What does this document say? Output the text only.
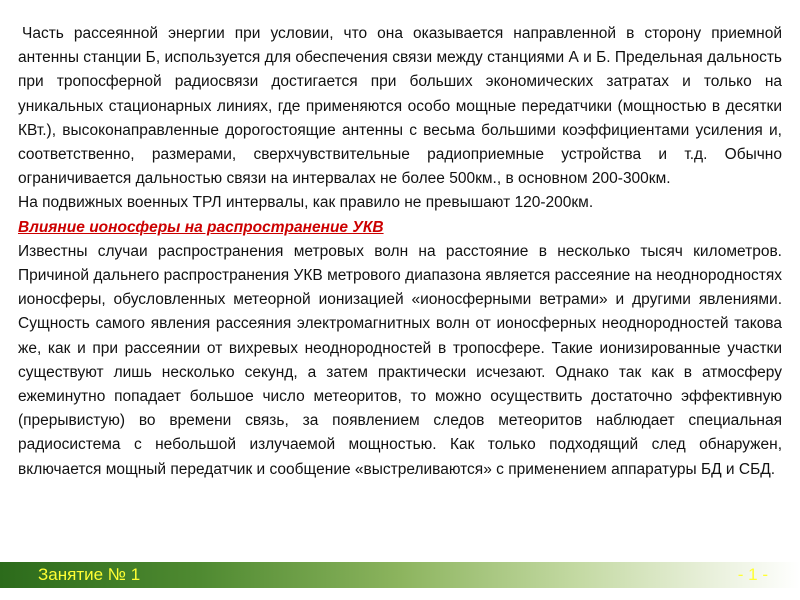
Часть рассеянной энергии при условии, что она оказывается направленной в сторону приемной антенны станции Б, используется для обеспечения связи между станциями А и Б. Предельная дальность при тропосферной радиосвязи достигается при больших экономических затратах и только на уникальных стационарных линиях, где применяются особо мощные передатчики (мощностью в десятки КВт.), высоконаправленные дорогостоящие антенны с весьма большими коэффициентами усиления и, соответственно, размерами, сверхчувствительные радиоприемные устройства и т.д. Обычно ограничивается дальностью связи на интервалах не более 500км., в основном 200-300км.

На подвижных военных ТРЛ интервалы, как правило не превышают 120-200км.

Влияние ионосферы на распространение УКВ

Известны случаи распространения метровых волн на расстояние в несколько тысяч километров. Причиной дальнего распространения УКВ метрового диапазона является рассеяние на неоднородностях ионосферы, обусловленных метеорной ионизацией «ионосферными ветрами» и другими явлениями. Сущность самого явления рассеяния электромагнитных волн от ионосферных неоднородностей такова же, как и при рассеянии от вихревых неоднородностей в тропосфере. Такие ионизированные участки существуют лишь несколько секунд, а затем практически исчезают. Однако так как в атмосферу ежеминутно попадает большое число метеоритов, то можно осуществить достаточно эффективную (прерывистую) во времени связь, за появлением следов метеоритов наблюдает специальная радиосистема с небольшой излучаемой мощностью. Как только подходящий след обнаружен, включается мощный передатчик и сообщение «выстреливаются» с применением аппаратуры БД и СБД.

Занятие № 1	- 1 -
